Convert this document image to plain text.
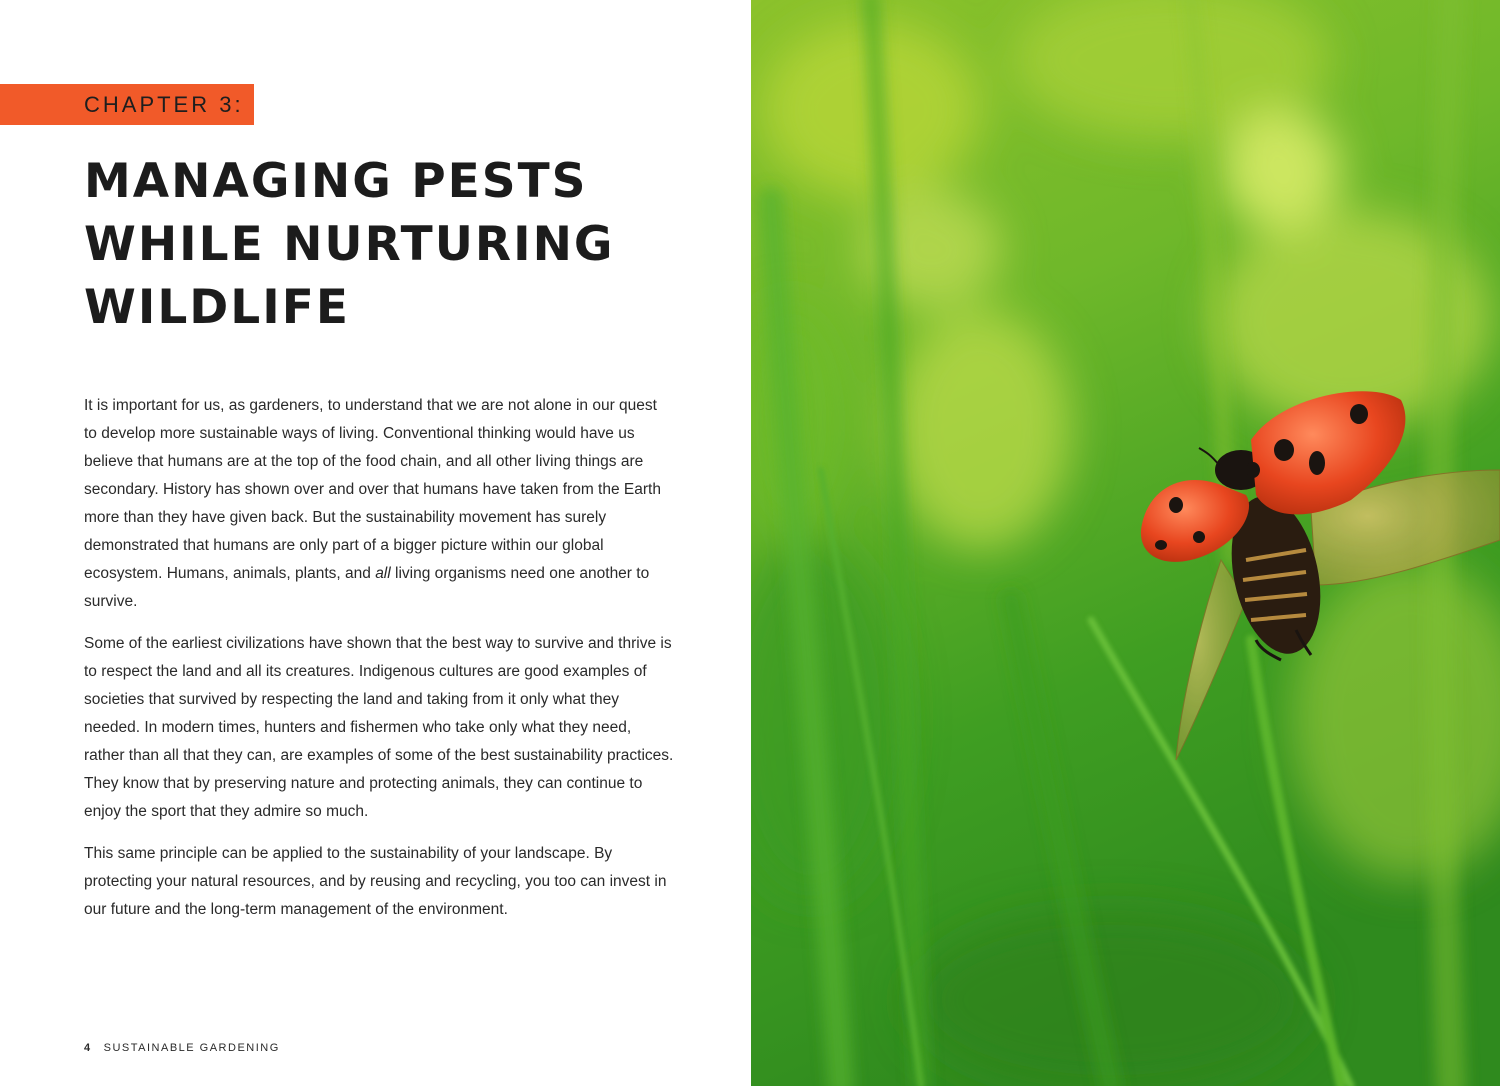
CHAPTER 3:
MANAGING PESTS
WHILE NURTURING
WILDLIFE

It is important for us, as gardeners, to understand that we are not alone in our quest to develop more sustainable ways of living. Conventional thinking would have us believe that humans are at the top of the food chain, and all other living things are secondary. History has shown over and over that humans have taken from the Earth more than they have given back. But the sustainability movement has surely demonstrated that humans are only part of a bigger picture within our global ecosystem. Humans, animals, plants, and all living organisms need one another to survive.

Some of the earliest civilizations have shown that the best way to survive and thrive is to respect the land and all its creatures. Indigenous cultures are good examples of societies that survived by respecting the land and taking from it only what they needed. In modern times, hunters and fishermen who take only what they need, rather than all that they can, are examples of some of the best sustainability practices. They know that by preserving nature and protecting animals, they can continue to enjoy the sport that they admire so much.

This same principle can be applied to the sustainability of your landscape. By protecting your natural resources, and by reusing and recycling, you too can invest in our future and the long-term management of the environment.

4 SUSTAINABLE GARDENING
